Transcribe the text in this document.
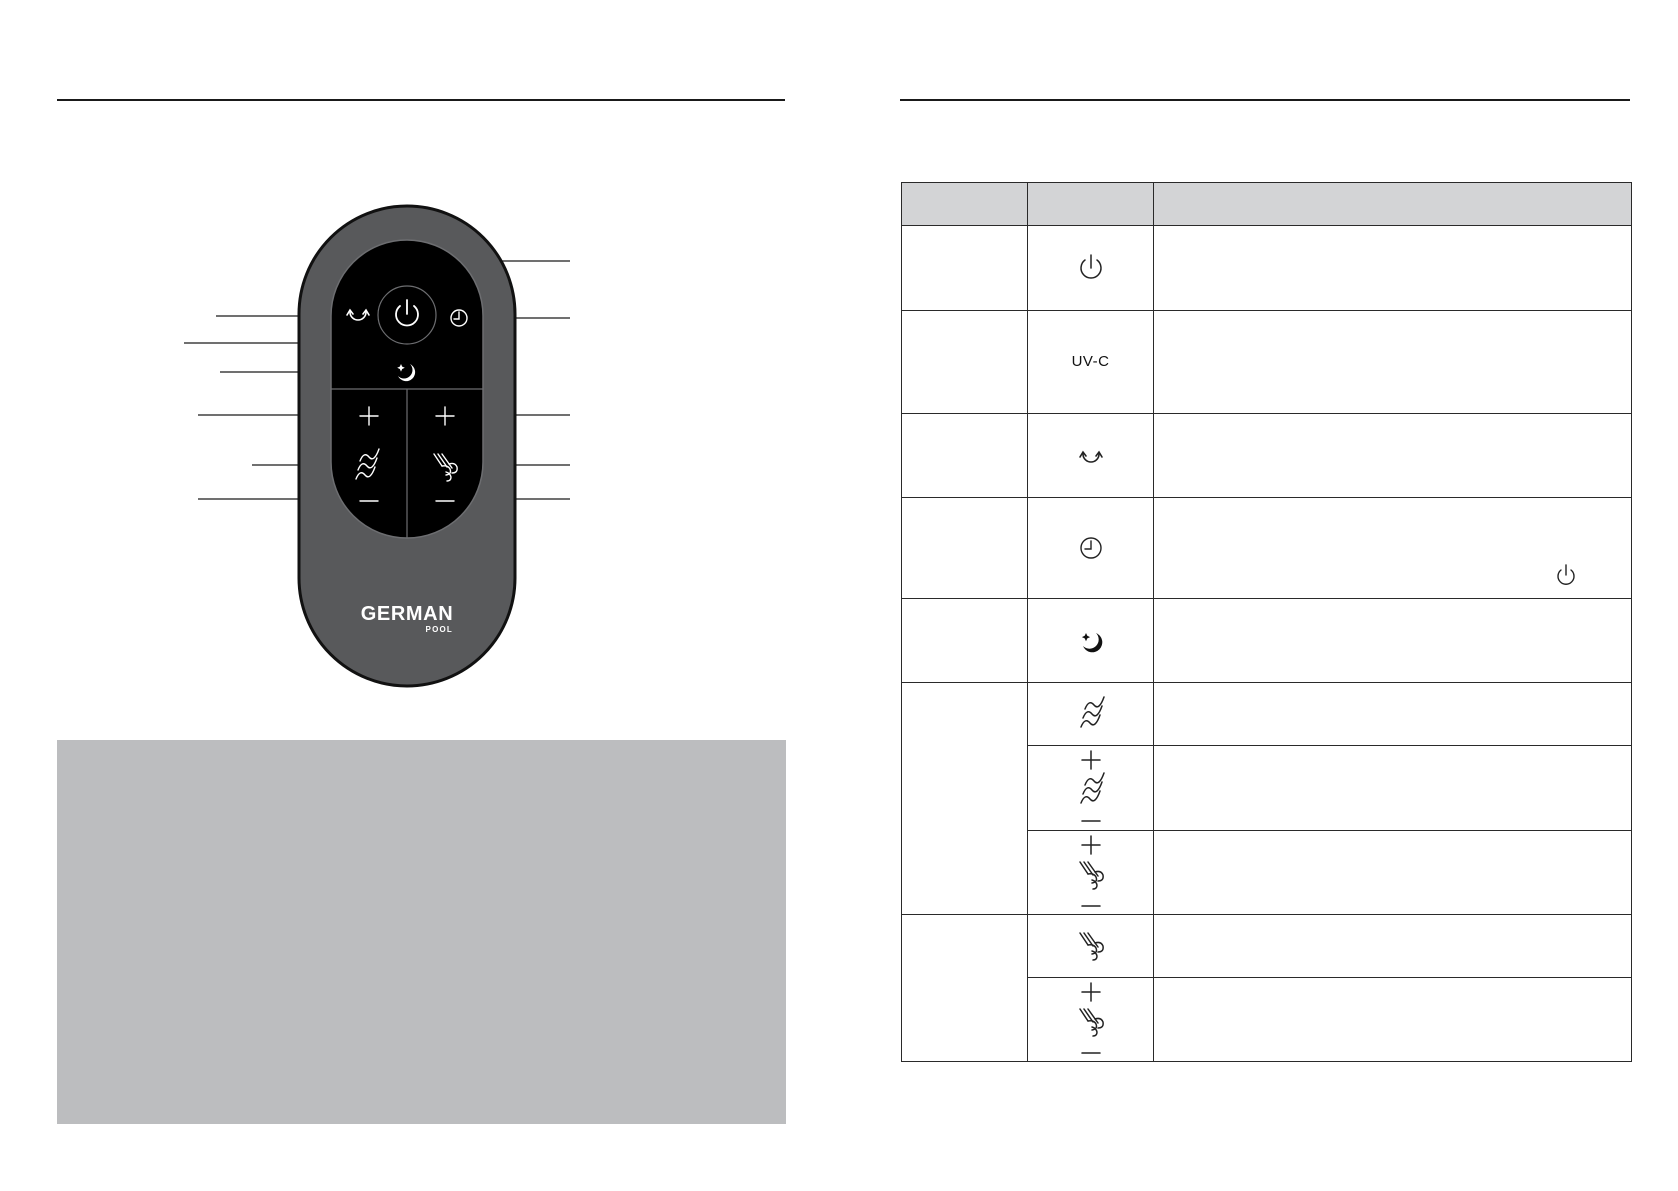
GERMAN
POOL

	UV-C	
